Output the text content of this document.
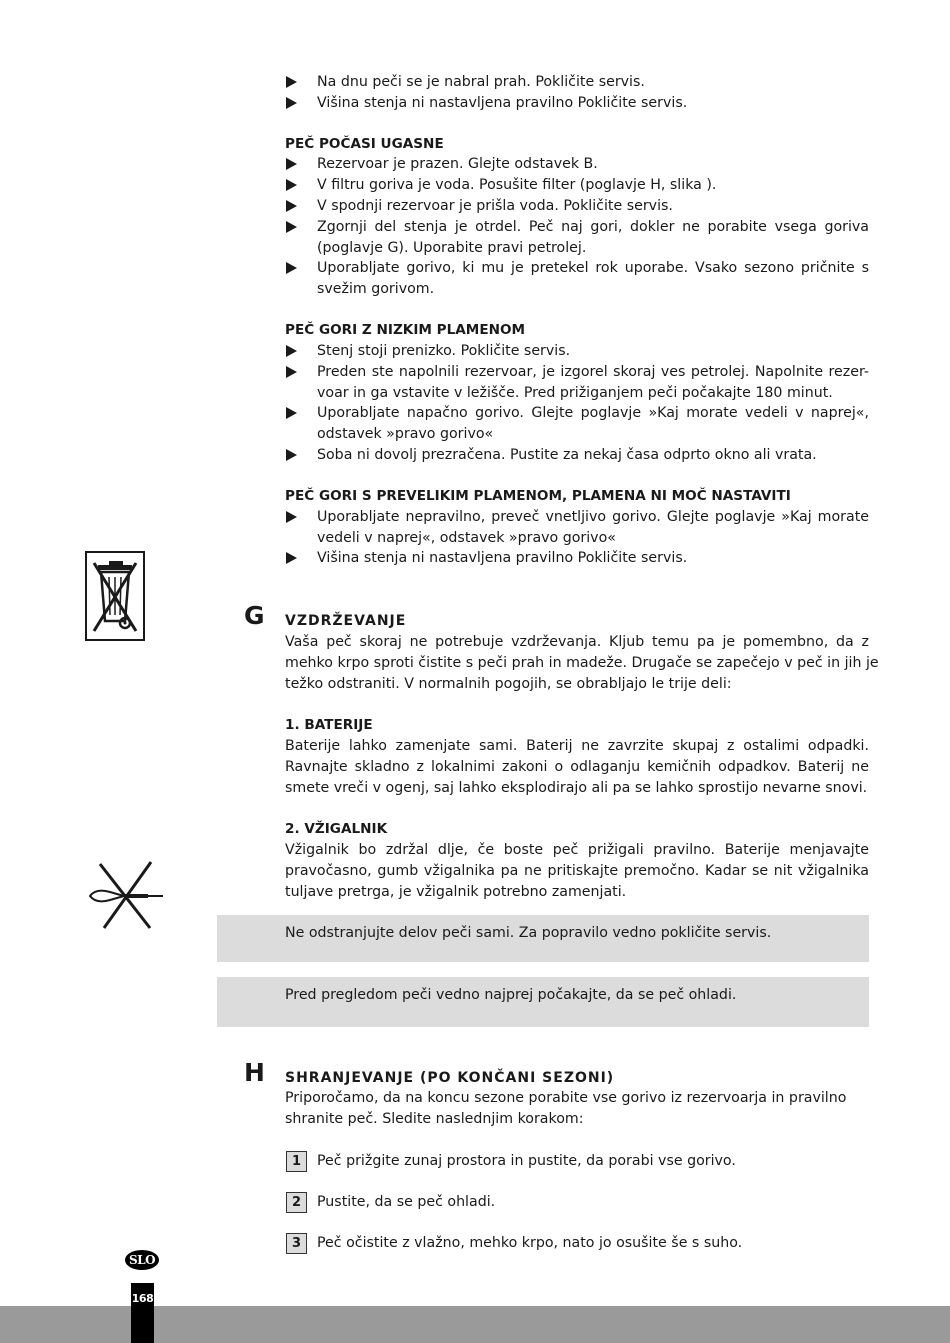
Na dnu peči se je nabral prah. Pokličite servis.
Višina stenja ni nastavljena pravilno Pokličite servis.
PEČ POČASI UGASNE
Rezervoar je prazen. Glejte odstavek B.
V filtru goriva je voda. Posušite filter (poglavje H, slika ).
V spodnji rezervoar je prišla voda. Pokličite servis.
Zgornji del stenja je otrdel. Peč naj gori, dokler ne porabite vsega goriva
(poglavje G). Uporabite pravi petrolej.
Uporabljate gorivo, ki mu je pretekel rok uporabe. Vsako sezono pričnite s
svežim gorivom.
PEČ GORI Z NIZKIM PLAMENOM
Stenj stoji prenizko. Pokličite servis.
Preden ste napolnili rezervoar, je izgorel skoraj ves petrolej. Napolnite rezer-
voar in ga vstavite v ležišče. Pred prižiganjem peči počakajte 180 minut.
Uporabljate napačno gorivo. Glejte poglavje »Kaj morate vedeli v naprej«,
odstavek »pravo gorivo«
Soba ni dovolj prezračena. Pustite za nekaj časa odprto okno ali vrata.
PEČ GORI S PREVELIKIM PLAMENOM, PLAMENA NI MOČ NASTAVITI
Uporabljate nepravilno, preveč vnetljivo gorivo. Glejte poglavje »Kaj morate
vedeli v naprej«, odstavek »pravo gorivo«
Višina stenja ni nastavljena pravilno Pokličite servis.
G VZDRŽEVANJE
Vaša peč skoraj ne potrebuje vzdrževanja. Kljub temu pa je pomembno, da z
mehko krpo sproti čistite s peči prah in madeže. Drugače se zapečejo v peč in jih je
težko odstraniti. V normalnih pogojih, se obrabljajo le trije deli:
1. BATERIJE
Baterije lahko zamenjate sami. Baterij ne zavrzite skupaj z ostalimi odpadki.
Ravnajte skladno z lokalnimi zakoni o odlaganju kemičnih odpadkov. Baterij ne
smete vreči v ogenj, saj lahko eksplodirajo ali pa se lahko sprostijo nevarne snovi.
2. VŽIGALNIK
Vžigalnik bo zdržal dlje, če boste peč prižigali pravilno. Baterije menjavajte
pravočasno, gumb vžigalnika pa ne pritiskajte premočno. Kadar se nit vžigalnika
tuljave pretrga, je vžigalnik potrebno zamenjati.
Ne odstranjujte delov peči sami. Za popravilo vedno pokličite servis.
Pred pregledom peči vedno najprej počakajte, da se peč ohladi.
H SHRANJEVANJE (PO KONČANI SEZONI)
Priporočamo, da na koncu sezone porabite vse gorivo iz rezervoarja in pravilno
shranite peč. Sledite naslednjim korakom:
1	Peč prižgite zunaj prostora in pustite, da porabi vse gorivo.
2	Pustite, da se peč ohladi.
3	Peč očistite z vlažno, mehko krpo, nato jo osušite še s suho.
SLO
168
